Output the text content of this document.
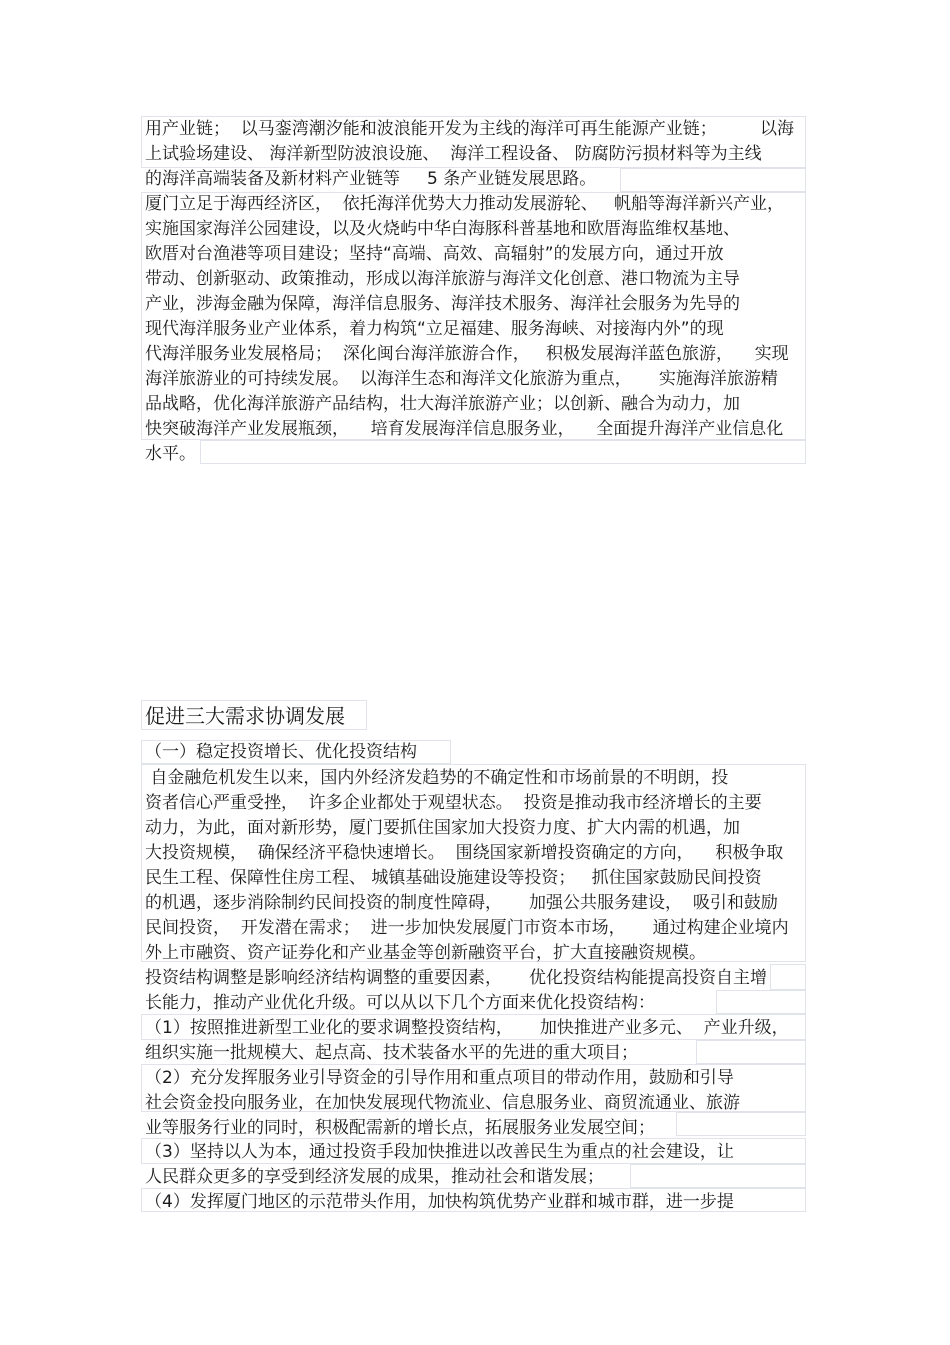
用产业链；  以马銮湾潮汐能和波浪能开发为主线的海洋可再生能源产业链；        以海
上试验场建设、 海洋新型防波浪设施、  海洋工程设备、 防腐防污损材料等为主线
的海洋高端装备及新材料产业链等     5 条产业链发展思路。
厦门立足于海西经济区，  依托海洋优势大力推动发展游轮、   帆船等海洋新兴产业，
实施国家海洋公园建设，以及火烧屿中华白海豚科普基地和欧厝海监维权基地、
欧厝对台渔港等项目建设；坚持“高端、高效、高辐射”的发展方向，通过开放
带动、创新驱动、政策推动，形成以海洋旅游与海洋文化创意、港口物流为主导
产业，涉海金融为保障，海洋信息服务、海洋技术服务、海洋社会服务为先导的
现代海洋服务业产业体系，着力构筑“立足福建、服务海峡、对接海内外”的现
代海洋服务业发展格局；  深化闽台海洋旅游合作，   积极发展海洋蓝色旅游，    实现
海洋旅游业的可持续发展。  以海洋生态和海洋文化旅游为重点，     实施海洋旅游精
品战略，优化海洋旅游产品结构，壮大海洋旅游产业；以创新、融合为动力，加
快突破海洋产业发展瓶颈，    培育发展海洋信息服务业，    全面提升海洋产业信息化
水平。
促进三大需求协调发展
（一）稳定投资增长、优化投资结构
自金融危机发生以来，国内外经济发趋势的不确定性和市场前景的不明朗，投
资者信心严重受挫，  许多企业都处于观望状态。  投资是推动我市经济增长的主要
动力，为此，面对新形势，厦门要抓住国家加大投资力度、扩大内需的机遇，加
大投资规模，  确保经济平稳快速增长。  围绕国家新增投资确定的方向，    积极争取
民生工程、保障性住房工程、 城镇基础设施建设等投资；   抓住国家鼓励民间投资
的机遇，逐步消除制约民间投资的制度性障碍，     加强公共服务建设，  吸引和鼓励
民间投资，  开发潜在需求；  进一步加快发展厦门市资本市场，     通过构建企业境内
外上市融资、资产证券化和产业基金等创新融资平台，扩大直接融资规模。
投资结构调整是影响经济结构调整的重要因素，     优化投资结构能提高投资自主增
长能力，推动产业优化升级。可以从以下几个方面来优化投资结构：
（1）按照推进新型工业化的要求调整投资结构，     加快推进产业多元、  产业升级，
组织实施一批规模大、起点高、技术装备水平的先进的重大项目；
（2）充分发挥服务业引导资金的引导作用和重点项目的带动作用，鼓励和引导
社会资金投向服务业，在加快发展现代物流业、信息服务业、商贸流通业、旅游
业等服务行业的同时，积极配需新的增长点，拓展服务业发展空间；
（3）坚持以人为本，通过投资手段加快推进以改善民生为重点的社会建设，让
人民群众更多的享受到经济发展的成果，推动社会和谐发展；
（4）发挥厦门地区的示范带头作用，加快构筑优势产业群和城市群，进一步提
